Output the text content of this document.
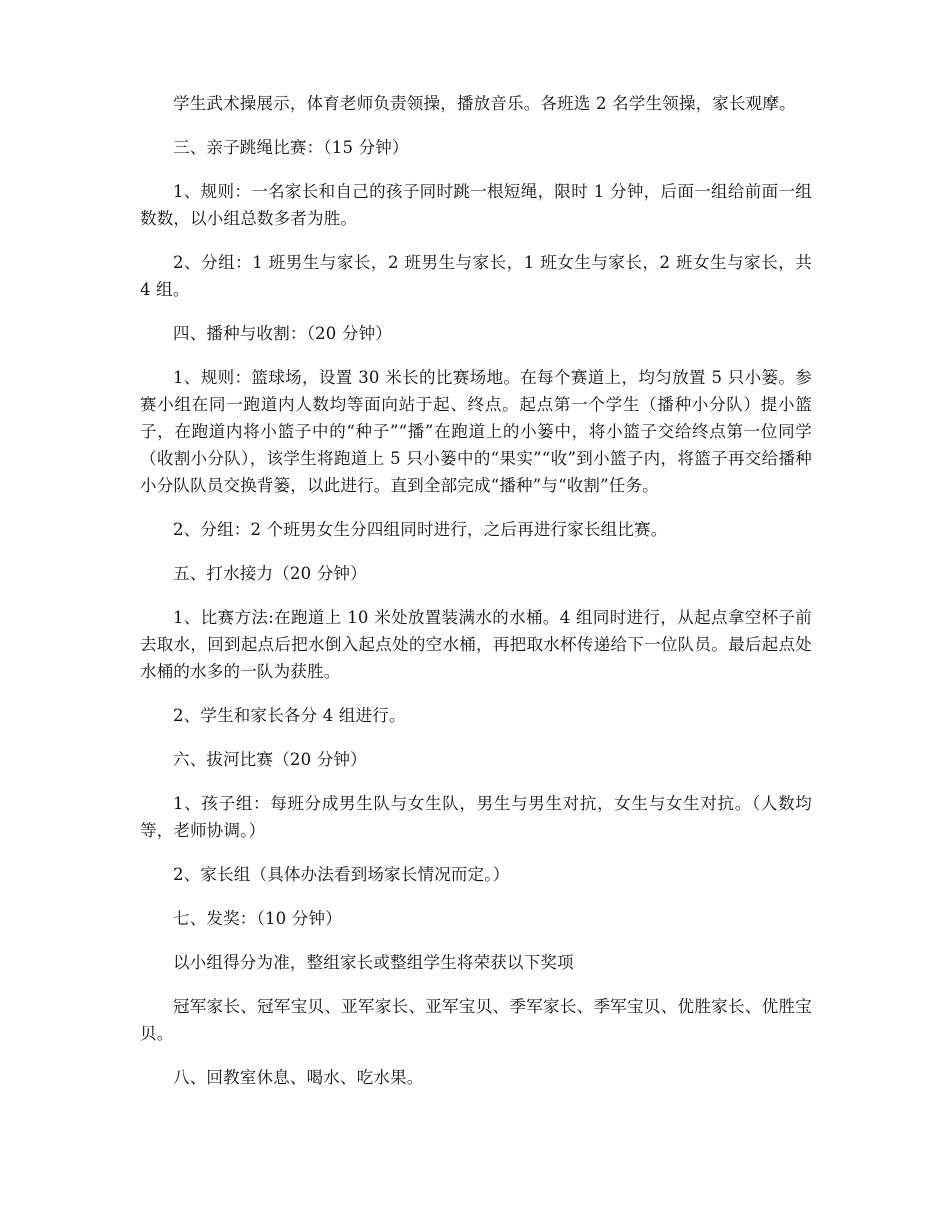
学生武术操展示，体育老师负责领操，播放音乐。各班选 2 名学生领操，家长观摩。

三、亲子跳绳比赛：（15 分钟）

1、规则：一名家长和自己的孩子同时跳一根短绳，限时 1 分钟，后面一组给前面一组数数，以小组总数多者为胜。

2、分组：1 班男生与家长，2 班男生与家长，1 班女生与家长，2 班女生与家长，共 4 组。

四、播种与收割：（20 分钟）

1、规则：篮球场，设置 30 米长的比赛场地。在每个赛道上，均匀放置 5 只小篓。参赛小组在同一跑道内人数均等面向站于起、终点。起点第一个学生（播种小分队）提小篮子，在跑道内将小篮子中的“种子”“播”在跑道上的小篓中，将小篮子交给终点第一位同学（收割小分队），该学生将跑道上 5 只小篓中的“果实”“收”到小篮子内，将篮子再交给播种小分队队员交换背篓，以此进行。直到全部完成“播种”与“收割”任务。

2、分组：2 个班男女生分四组同时进行，之后再进行家长组比赛。

五、打水接力（20 分钟）

1、比赛方法:在跑道上 10 米处放置装满水的水桶。4 组同时进行，从起点拿空杯子前去取水，回到起点后把水倒入起点处的空水桶，再把取水杯传递给下一位队员。最后起点处水桶的水多的一队为获胜。

2、学生和家长各分 4 组进行。

六、拔河比赛（20 分钟）

1、孩子组：每班分成男生队与女生队，男生与男生对抗，女生与女生对抗。（人数均等，老师协调。）

2、家长组（具体办法看到场家长情况而定。）

七、发奖：（10 分钟）

以小组得分为准，整组家长或整组学生将荣获以下奖项

冠军家长、冠军宝贝、亚军家长、亚军宝贝、季军家长、季军宝贝、优胜家长、优胜宝贝。

八、回教室休息、喝水、吃水果。
